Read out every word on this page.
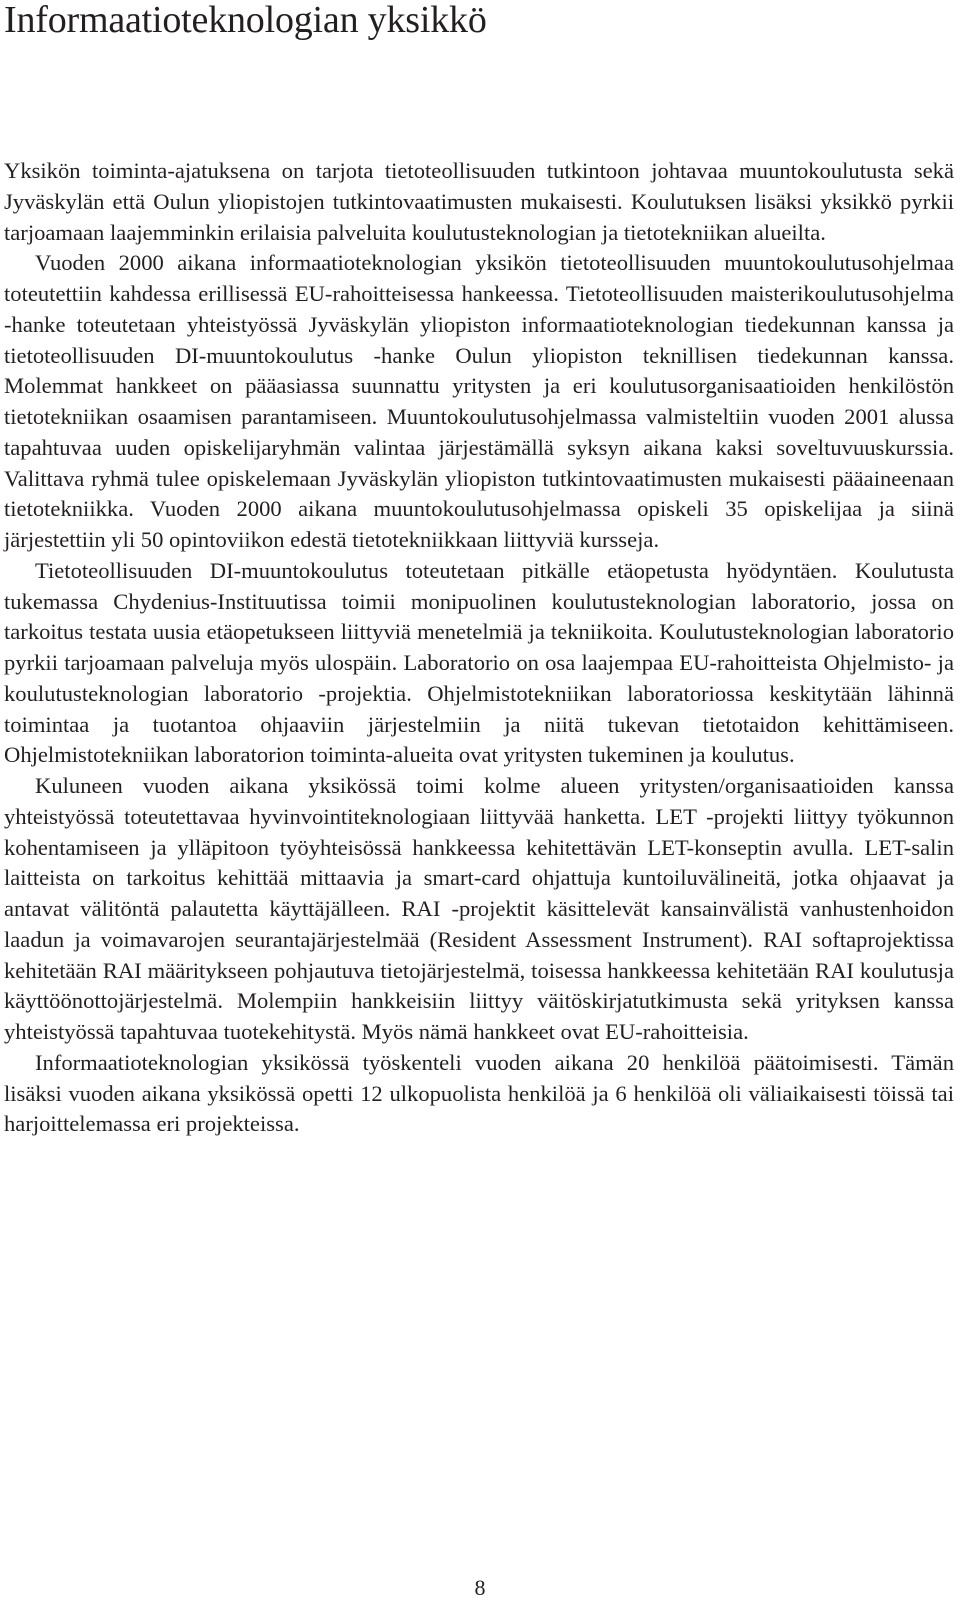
Informaatioteknologian yksikkö

Yksikön toiminta-ajatuksena on tarjota tietoteollisuuden tutkintoon johtavaa muuntokoulutusta sekä Jyväskylän että Oulun yliopistojen tutkintovaatimusten mukaisesti. Koulutuksen lisäksi yksikkö pyrkii tarjoamaan laajemminkin erilaisia palveluita koulutusteknologian ja tietotekniikan alueilta.

Vuoden 2000 aikana informaatioteknologian yksikön tietoteollisuuden muuntokoulutusohjelmaa toteutettiin kahdessa erillisessä EU-rahoitteisessa hankeessa. Tietoteollisuuden maisterikoulutusohjelma -hanke toteutetaan yhteistyössä Jyväskylän yliopiston informaatioteknologian tiedekunnan kanssa ja tietoteollisuuden DI-muuntokoulutus -hanke Oulun yliopiston teknillisen tiedekunnan kanssa. Molemmat hankkeet on pääasiassa suunnattu yritysten ja eri koulutusorganisaatioiden henkilöstön tietotekniikan osaamisen parantamiseen. Muuntokoulutusohjelmassa valmisteltiin vuoden 2001 alussa tapahtuvaa uuden opiskelijaryhmän valintaa järjestämällä syksyn aikana kaksi soveltuvuuskurssia. Valittava ryhmä tulee opiskelemaan Jyväskylän yliopiston tutkintovaatimusten mukaisesti pääaineenaan tietotekniikka. Vuoden 2000 aikana muuntokoulutusohjelmassa opiskeli 35 opiskelijaa ja siinä järjestettiin yli 50 opintoviikon edestä tietotekniikkaan liittyviä kursseja.

Tietoteollisuuden DI-muuntokoulutus toteutetaan pitkälle etäopetusta hyödyntäen. Koulutusta tukemassa Chydenius-Instituutissa toimii monipuolinen koulutusteknologian laboratorio, jossa on tarkoitus testata uusia etäopetukseen liittyviä menetelmiä ja tekniikoita. Koulutusteknologian laboratorio pyrkii tarjoamaan palveluja myös ulospäin. Laboratorio on osa laajempaa EU-rahoitteista Ohjelmisto- ja koulutusteknologian laboratorio -projektia. Ohjelmistotekniikan laboratoriossa keskitytään lähinnä toimintaa ja tuotantoa ohjaaviin järjestelmiin ja niitä tukevan tietotaidon kehittämiseen. Ohjelmistotekniikan laboratorion toiminta-alueita ovat yritysten tukeminen ja koulutus.

Kuluneen vuoden aikana yksikössä toimi kolme alueen yritysten/​organisaatioiden kanssa yhteistyössä toteutettavaa hyvinvointiteknologiaan liittyvää hanketta. LET -projekti liittyy työkunnon kohentamiseen ja ylläpitoon työyhteisössä hankkeessa kehitettävän LET-konseptin avulla. LET-salin laitteista on tarkoitus kehittää mittaavia ja smart-card ohjattuja kuntoiluvälineitä, jotka ohjaavat ja antavat välitöntä palautetta käyttäjälleen. RAI -projektit käsittelevät kansainvälistä vanhustenhoidon laadun ja voimavarojen seurantajärjestelmää (Resident Assessment Instrument). RAI softaprojektissa kehitetään RAI määritykseen pohjautuva tietojärjestelmä, toisessa hankkeessa kehitetään RAI koulutusja käyttöönottojärjestelmä. Molempiin hankkeisiin liittyy väitöskirjatutkimusta sekä yrityksen kanssa yhteistyössä tapahtuvaa tuotekehitystä. Myös nämä hankkeet ovat EU-rahoitteisia.

Informaatioteknologian yksikössä työskenteli vuoden aikana 20 henkilöä päätoimisesti. Tämän lisäksi vuoden aikana yksikössä opetti 12 ulkopuolista henkilöä ja 6 henkilöä oli väliaikaisesti töissä tai harjoittelemassa eri projekteissa.

8
